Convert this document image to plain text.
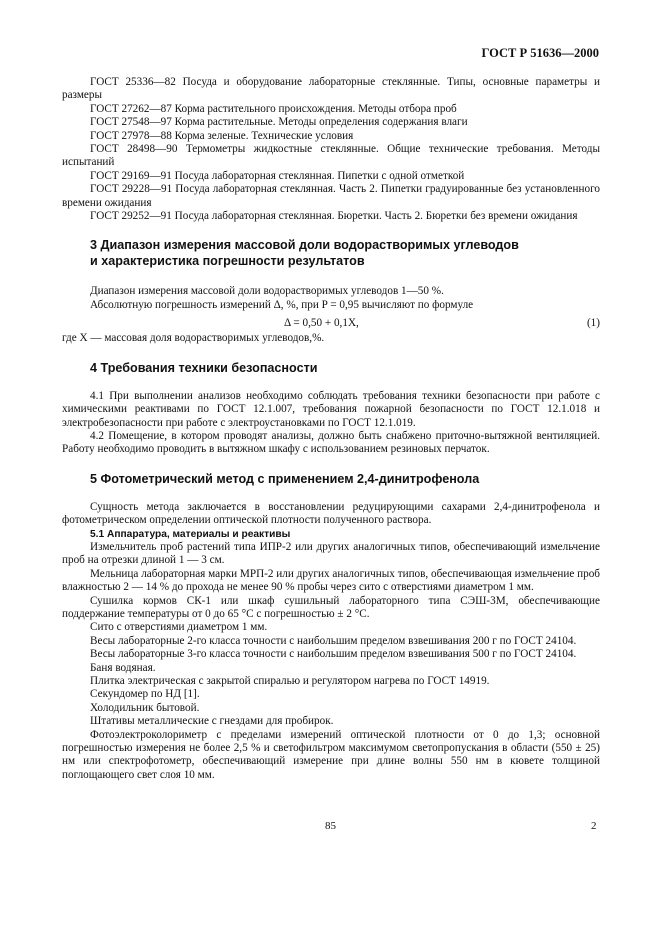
ГОСТ Р 51636—2000

ГОСТ 25336—82 Посуда и оборудование лабораторные стеклянные. Типы, основные параметры и размеры

ГОСТ 27262—87 Корма растительного происхождения. Методы отбора проб

ГОСТ 27548—97 Корма растительные. Методы определения содержания влаги

ГОСТ 27978—88 Корма зеленые. Технические условия

ГОСТ 28498—90 Термометры жидкостные стеклянные. Общие технические требования. Методы испытаний

ГОСТ 29169—91 Посуда лабораторная стеклянная. Пипетки с одной отметкой

ГОСТ 29228—91 Посуда лабораторная стеклянная. Часть 2. Пипетки градуированные без установленного времени ожидания

ГОСТ 29252—91 Посуда лабораторная стеклянная. Бюретки. Часть 2. Бюретки без времени ожидания

3 Диапазон измерения массовой доли водорастворимых углеводов
и характеристика погрешности результатов

Диапазон измерения массовой доли водорастворимых углеводов 1—50 %.

Абсолютную погрешность измерений Δ, %, при P = 0,95 вычисляют по формуле

Δ = 0,50 + 0,1X,	(1)

где X — массовая доля водорастворимых углеводов,%.

4 Требования техники безопасности

4.1 При выполнении анализов необходимо соблюдать требования техники безопасности при работе с химическими реактивами по ГОСТ 12.1.007, требования пожарной безопасности по ГОСТ 12.1.018 и электробезопасности при работе с электроустановками по ГОСТ 12.1.019.

4.2 Помещение, в котором проводят анализы, должно быть снабжено приточно-вытяжной вентиляцией. Работу необходимо проводить в вытяжном шкафу с использованием резиновых перчаток.

5 Фотометрический метод с применением 2,4-динитрофенола

Сущность метода заключается в восстановлении редуцирующими сахарами 2,4-динитрофенола и фотометрическом определении оптической плотности полученного раствора.

5.1 Аппаратура, материалы и реактивы

Измельчитель проб растений типа ИПР-2 или других аналогичных типов, обеспечивающий измельчение проб на отрезки длиной 1 — 3 см.

Мельница лабораторная марки МРП-2 или других аналогичных типов, обеспечивающая измельчение проб влажностью 2 — 14 % до прохода не менее 90 % пробы через сито с отверстиями диаметром 1 мм.

Сушилка кормов СК-1 или шкаф сушильный лабораторного типа СЭШ-3М, обеспечивающие поддержание температуры от 0 до 65 °С с погрешностью ± 2 °С.

Сито с отверстиями диаметром 1 мм.

Весы лабораторные 2-го класса точности с наибольшим пределом взвешивания 200 г по ГОСТ 24104.

Весы лабораторные 3-го класса точности с наибольшим пределом взвешивания 500 г по ГОСТ 24104.

Баня водяная.

Плитка электрическая с закрытой спиралью и регулятором нагрева по ГОСТ 14919.

Секундомер по НД [1].

Холодильник бытовой.

Штативы металлические с гнездами для пробирок.

Фотоэлектроколориметр с пределами измерений оптической плотности от 0 до 1,3; основной погрешностью измерения не более 2,5 % и светофильтром максимумом светопропускания в области (550 ± 25) нм или спектрофотометр, обеспечивающий измерение при длине волны 550 нм в кювете толщиной поглощающего свет слоя 10 мм.

85	2
